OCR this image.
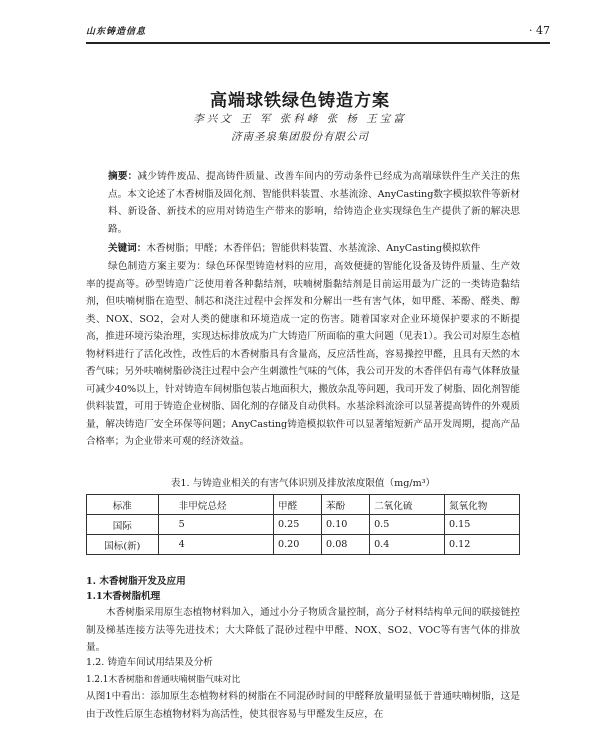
山东铸造信息	· 47
高端球铁绿色铸造方案
李兴文 王 军 张科峰 张 杨 王宝富
济南圣泉集团股份有限公司

摘要：减少铸件废品、提高铸件质量、改善车间内的劳动条件已经成为高端球铁件生产关注的焦点。本文论述了木香树脂及固化剂、智能供料装置、水基流涂、AnyCasting数字模拟软件等新材料、新设备、新技术的应用对铸造生产带来的影响，给铸造企业实现绿色生产提供了新的解决思路。

关键词：木香树脂；甲醛；木香伴侣；智能供料装置、水基流涂、AnyCasting模拟软件

绿色制造方案主要为：绿色环保型铸造材料的应用，高效便捷的智能化设备及铸件质量、生产效率的提高等。砂型铸造广泛使用着各种黏结剂，呋喃树脂黏结剂是目前运用最为广泛的一类铸造黏结剂，但呋喃树脂在造型、制芯和浇注过程中会挥发和分解出一些有害气体，如甲醛、苯酚、醛类、醇类、NOX、SO2，会对人类的健康和环境造成一定的伤害。随着国家对企业环境保护要求的不断提高，推进环境污染治理，实现达标排放成为广大铸造厂所面临的重大问题（见表1）。我公司对原生态植物材料进行了活化改性，改性后的木香树脂具有含量高，反应活性高，容易操控甲醛，且具有天然的木香气味；另外呋喃树脂砂浇注过程中会产生刺激性气味的气体，我公司开发的木香伴侣有毒气体释放量可减少40%以上，针对铸造车间树脂包装占地面积大，搬放杂乱等问题，我司开发了树脂、固化剂智能供料装置，可用于铸造企业树脂、固化剂的存储及自动供料。水基涂料流涂可以显著提高铸件的外观质量，解决铸造厂安全环保等问题；AnyCasting铸造模拟软件可以显著缩短新产品开发周期，提高产品合格率；为企业带来可观的经济效益。

表1. 与铸造业相关的有害气体识别及排放浓度限值（mg/m³）
标准	非甲烷总烃	甲醛	苯酚	二氧化硫	氮氧化物
国际	5	0.25	0.10	0.5	0.15
国标(新)	4	0.20	0.08	0.4	0.12
1. 木香树脂开发及应用
1.1木香树脂机理

木香树脂采用原生态植物材料加入，通过小分子物质含量控制，高分子材料结构单元间的联接链控制及梯基连接方法等先进技术；大大降低了混砂过程中甲醛、NOX、SO2、VOC等有害气体的排放量。

1.2. 铸造车间试用结果及分析
1.2.1木香树脂和普通呋喃树脂气味对比

从图1中看出：添加原生态植物材料的树脂在不同混砂时间的甲醛释放量明显低于普通呋喃树脂，这是由于改性后原生态植物材料为高活性，使其很容易与甲醛发生反应，在
